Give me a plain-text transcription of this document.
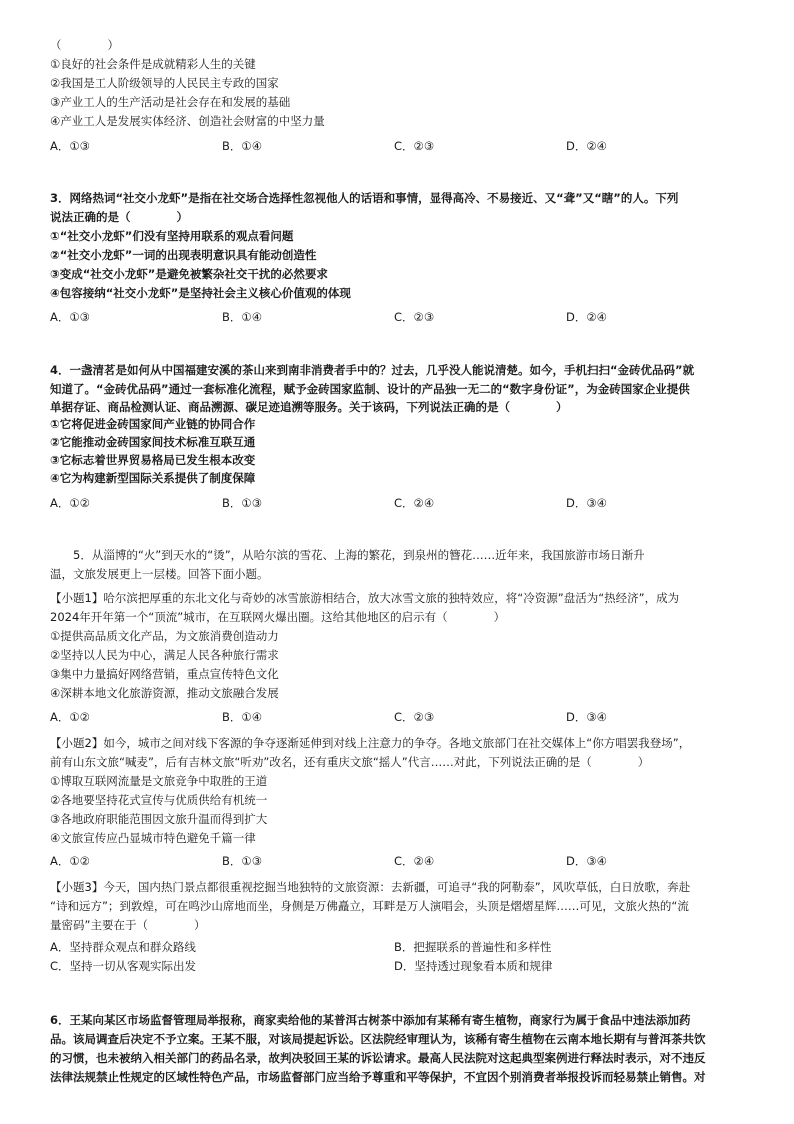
（　　　　）
①良好的社会条件是成就精彩人生的关键
②我国是工人阶级领导的人民民主专政的国家
③产业工人的生产活动是社会存在和发展的基础
④产业工人是发展实体经济、创造社会财富的中坚力量
A．①③	B．①④	C．②③	D．②④
3．网络热词“社交小龙虾”是指在社交场合选择性忽视他人的话语和事情，显得高冷、不易接近、又“聋”又“瞎”的人。下列
说法正确的是（　　　　）
①“社交小龙虾”们没有坚持用联系的观点看问题
②“社交小龙虾”一词的出现表明意识具有能动创造性
③变成“社交小龙虾”是避免被繁杂社交干扰的必然要求
④包容接纳“社交小龙虾”是坚持社会主义核心价值观的体现
A．①③	B．①④	C．②③	D．②④
4．一盏清茗是如何从中国福建安溪的茶山来到南非消费者手中的？过去，几乎没人能说清楚。如今，手机扫扫“金砖优品码”就
知道了。“金砖优品码”通过一套标准化流程，赋予金砖国家监制、设计的产品独一无二的“数字身份证”，为金砖国家企业提供
单据存证、商品检测认证、商品溯源、碳足迹追溯等服务。关于该码，下列说法正确的是（　　　　）
①它将促进金砖国家间产业链的协同合作
②它能推动金砖国家间技术标准互联互通
③它标志着世界贸易格局已发生根本改变
④它为构建新型国际关系提供了制度保障
A．①②	B．①③	C．②④	D．③④
　　5．从淄博的“火”到天水的“烫”，从哈尔滨的雪花、上海的繁花，到泉州的簪花……近年来，我国旅游市场日渐升
温，文旅发展更上一层楼。回答下面小题。
【小题1】哈尔滨把厚重的东北文化与奇妙的冰雪旅游相结合，放大冰雪文旅的独特效应，将“冷资源”盘活为“热经济”，成为
2024年开年第一个“顶流”城市，在互联网火爆出圈。这给其他地区的启示有（　　　　）
①提供高品质文化产品，为文旅消费创造动力
②坚持以人民为中心，满足人民各种旅行需求
③集中力量搞好网络营销，重点宣传特色文化
④深耕本地文化旅游资源，推动文旅融合发展
A．①②	B．①④	C．②③	D．③④
【小题2】如今，城市之间对线下客源的争夺逐渐延伸到对线上注意力的争夺。各地文旅部门在社交媒体上“你方唱罢我登场”，
前有山东文旅“喊麦”，后有吉林文旅“听劝”改名，还有重庆文旅“摇人”代言……对此，下列说法正确的是（　　　　）
①博取互联网流量是文旅竞争中取胜的王道
②各地要坚持花式宣传与优质供给有机统一
③各地政府职能范围因文旅升温而得到扩大
④文旅宣传应凸显城市特色避免千篇一律
A．①②	B．①③	C．②④	D．③④
【小题3】今天，国内热门景点都很重视挖掘当地独特的文旅资源：去新疆，可追寻“我的阿勒泰”，风吹草低，白日放歌，奔赴
“诗和远方”；到敦煌，可在鸣沙山席地而坐，身侧是万佛矗立，耳畔是万人演唱会，头顶是熠熠星辉……可见，文旅火热的“流
量密码”主要在于（　　　　）
A．坚持群众观点和群众路线	B．把握联系的普遍性和多样性
C．坚持一切从客观实际出发	D．坚持透过现象看本质和规律
6．王某向某区市场监督管理局举报称，商家卖给他的某普洱古树茶中添加有某稀有寄生植物，商家行为属于食品中违法添加药
品。该局调查后决定不予立案。王某不服，对该局提起诉讼。区法院经审理认为，该稀有寄生植物在云南本地长期有与普洱茶共饮
的习惯，也未被纳入相关部门的药品名录，故判决驳回王某的诉讼请求。最高人民法院对这起典型案例进行释法时表示，对不违反
法律法规禁止性规定的区域性特色产品，市场监督部门应当给予尊重和平等保护，不宜因个别消费者举报投诉而轻易禁止销售。对
